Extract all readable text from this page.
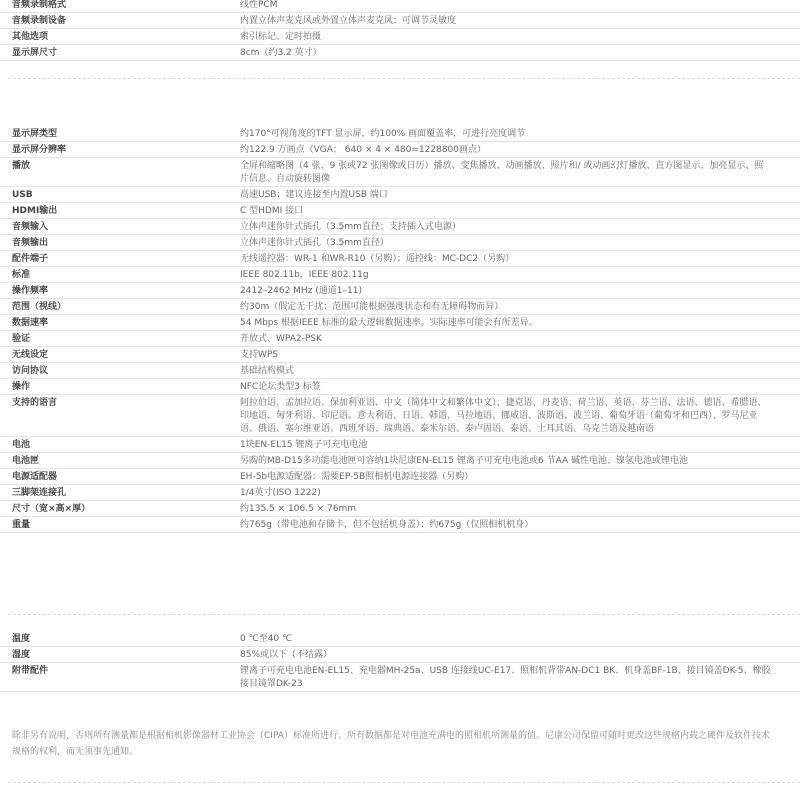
音频录制格式	线性PCM
音频录制设备	内置立体声麦克风或外置立体声麦克风；可调节灵敏度
其他选项	索引标记、定时拍摄
显示屏尺寸	8cm（约3.2 英寸）
显示屏类型	约170°可视角度的TFT 显示屏，约100% 画面覆盖率，可进行亮度调节
显示屏分辨率	约122.9 万画点（VGA； 640 × 4 × 480=1228800画点）
播放	全屏和缩略图（4 张、9 张或72 张图像或日历）播放、变焦播放、动画播放、照片和/ 或动画幻灯播放、直方图显示、加亮显示、照片信息、自动旋转图像
USB	高速USB；建议连接至内置USB 端口
HDMI输出	C 型HDMI 接口
音频输入	立体声迷你针式插孔（3.5mm直径；支持插入式电源）
音频输出	立体声迷你针式插孔（3.5mm直径）
配件端子	无线遥控器：WR-1 和WR-R10（另购）；遥控线：MC-DC2（另购）
标准	IEEE 802.11b，IEEE 802.11g
操作频率	2412–2462 MHz (通道1–11)
范围（视线）	约30m（假定无干扰；范围可能根据强度状态和有无障碍物而异）
数据速率	54 Mbps 根据IEEE 标准的最大逻辑数据速率。实际速率可能会有所差异。
验证	开放式、WPA2-PSK
无线设定	支持WPS
访问协议	基础结构模式
操作	NFC论坛类型3 标签
支持的语言	阿拉伯语、孟加拉语、保加利亚语、中文（简体中文和繁体中文）、捷克语、丹麦语、荷兰语、英语、芬兰语、法语、德语、希腊语、印地语、匈牙利语、印尼语、意大利语、日语、韩语、马拉地语、挪威语、波斯语、波兰语、葡萄牙语（葡萄牙和巴西）、罗马尼亚语、俄语、塞尔维亚语、西班牙语、瑞典语、泰米尔语、泰卢固语、泰语、土耳其语、乌克兰语及越南语
电池	1块EN-EL15 锂离子可充电电池
电池匣	另购的MB-D15多功能电池匣可容纳1块尼康EN-EL15 锂离子可充电电池或6 节AA 碱性电池、镍氢电池或锂电池
电源适配器	EH-5b电源适配器；需要EP-5B照相机电源连接器（另购）
三脚架连接孔	1/4英寸(ISO 1222)
尺寸（宽×高×厚）	约135.5 × 106.5 × 76mm
重量	约765g（带电池和存储卡，但不包括机身盖）；约675g（仅照相机机身）
温度	0 ℃至40 ℃
湿度	85%或以下（不结露）
附带配件	锂离子可充电电池EN-EL15、充电器MH-25a、USB 连接线UC-E17、照相机背带AN-DC1 BK、机身盖BF-1B、接目镜盖DK-5、橡胶接目镜罩DK-23
除非另有说明，否则所有测量都是根据相机影像器材工业协会（CIPA）标准所进行。所有数据都是对电池充满电的照相机所测量的值。尼康公司保留可随时更改这些规格内载之硬件及软件技术规格的权利，而无须事先通知。
